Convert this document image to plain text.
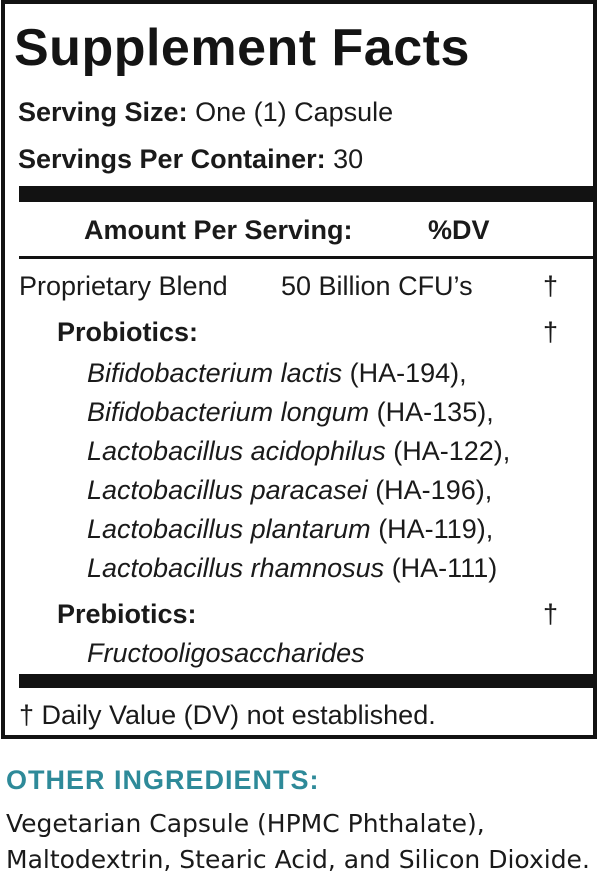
Supplement Facts
Serving Size: One (1) Capsule
Servings Per Container: 30
Amount Per Serving:	%DV
Proprietary Blend 50 Billion CFU’s	†
Probiotics:	†
Bifidobacterium lactis (HA-194),
Bifidobacterium longum (HA-135),
Lactobacillus acidophilus (HA-122),
Lactobacillus paracasei (HA-196),
Lactobacillus plantarum (HA-119),
Lactobacillus rhamnosus (HA-111)
Prebiotics:	†
Fructooligosaccharides
† Daily Value (DV) not established.
OTHER INGREDIENTS:
Vegetarian Capsule (HPMC Phthalate),
Maltodextrin, Stearic Acid, and Silicon Dioxide.
